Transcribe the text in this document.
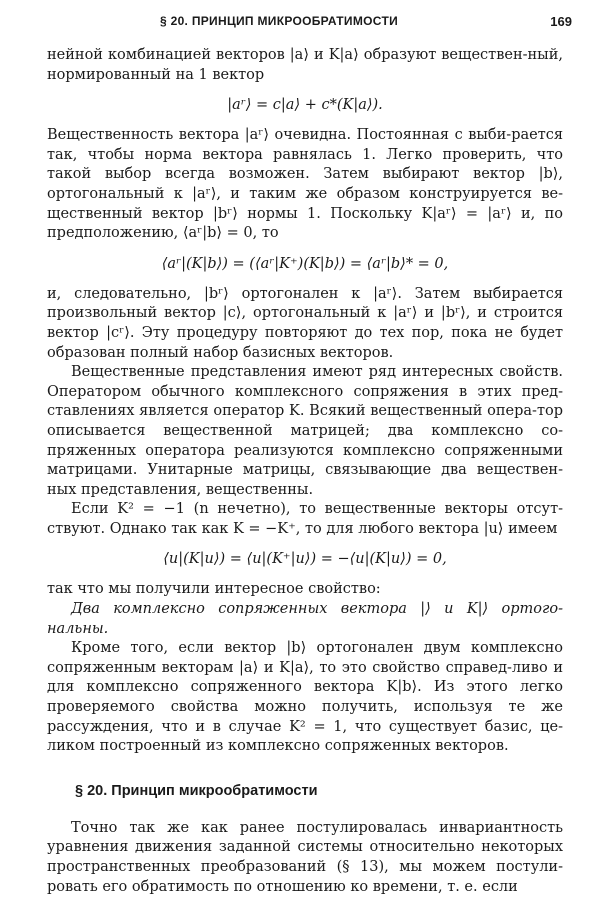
§ 20. ПРИНЦИП МИКРООБРАТИМОСТИ	169

нейной комбинацией векторов |a⟩ и K|a⟩ образуют веществен-ный, нормированный на 1 вектор

|aʳ⟩ = c|a⟩ + c*(K|a⟩).

Вещественность вектора |aʳ⟩ очевидна. Постоянная c выби-рается так, чтобы норма вектора равнялась 1. Легко проверить, что такой выбор всегда возможен. Затем выбирают вектор |b⟩, ортогональный к |aʳ⟩, и таким же образом конструируется ве-щественный вектор |bʳ⟩ нормы 1. Поскольку K|aʳ⟩ = |aʳ⟩ и, по предположению, ⟨aʳ|b⟩ = 0, то

⟨aʳ|(K|b⟩) = (⟨aʳ|K⁺)(K|b⟩) = ⟨aʳ|b⟩* = 0,

и, следовательно, |bʳ⟩ ортогонален к |aʳ⟩. Затем выбирается произвольный вектор |c⟩, ортогональный к |aʳ⟩ и |bʳ⟩, и строится вектор |cʳ⟩. Эту процедуру повторяют до тех пор, пока не будет образован полный набор базисных векторов.

Вещественные представления имеют ряд интересных свойств. Оператором обычного комплексного сопряжения в этих пред-ставлениях является оператор K. Всякий вещественный опера-тор описывается вещественной матрицей; два комплексно со-пряженных оператора реализуются комплексно сопряженными матрицами. Унитарные матрицы, связывающие два веществен-ных представления, вещественны.

Если K² = −1 (n нечетно), то вещественные векторы отсут-ствуют. Однако так как K = −K⁺, то для любого вектора |u⟩ имеем

⟨u|(K|u⟩) = ⟨u|(K⁺|u⟩) = −⟨u|(K|u⟩) = 0,

так что мы получили интересное свойство:

Два комплексно сопряженных вектора |⟩ и K|⟩ ортого-нальны.

Кроме того, если вектор |b⟩ ортогонален двум комплексно сопряженным векторам |a⟩ и K|a⟩, то это свойство справед-ливо и для комплексно сопряженного вектора K|b⟩. Из этого легко проверяемого свойства можно получить, используя те же рассуждения, что и в случае K² = 1, что существует базис, це-ликом построенный из комплексно сопряженных векторов.

§ 20. Принцип микрообратимости

Точно так же как ранее постулировалась инвариантность уравнения движения заданной системы относительно некоторых пространственных преобразований (§ 13), мы можем постули-ровать его обратимость по отношению ко времени, т. е. если
